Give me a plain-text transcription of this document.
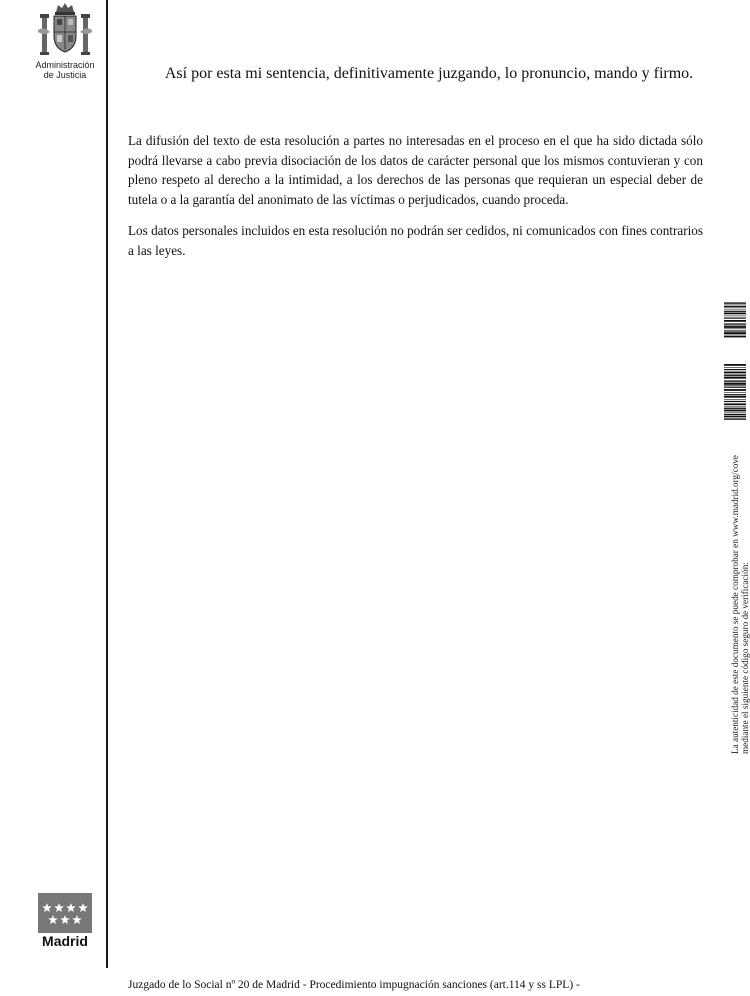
Administración
de Justicia	Así por esta mi sentencia, definitivamente juzgando, lo pronuncio, mando y firmo.

La difusión del texto de esta resolución a partes no interesadas en el proceso en el que ha sido dictada sólo podrá llevarse a cabo previa disociación de los datos de carácter personal que los mismos contuvieran y con pleno respeto al derecho a la intimidad, a los derechos de las personas que requieran un especial deber de tutela o a la garantía del anonimato de las víctimas o perjudicados, cuando proceda.

Los datos personales incluidos en esta resolución no podrán ser cedidos, ni comunicados con fines contrarios a las leyes.

La autenticidad de este documento se puede comprobar en www.madrid.org/cove mediante el siguiente código seguro de verificación:
Madrid
Juzgado de lo Social nº 20 de Madrid - Procedimiento impugnación sanciones (art.114 y ss LPL) -
